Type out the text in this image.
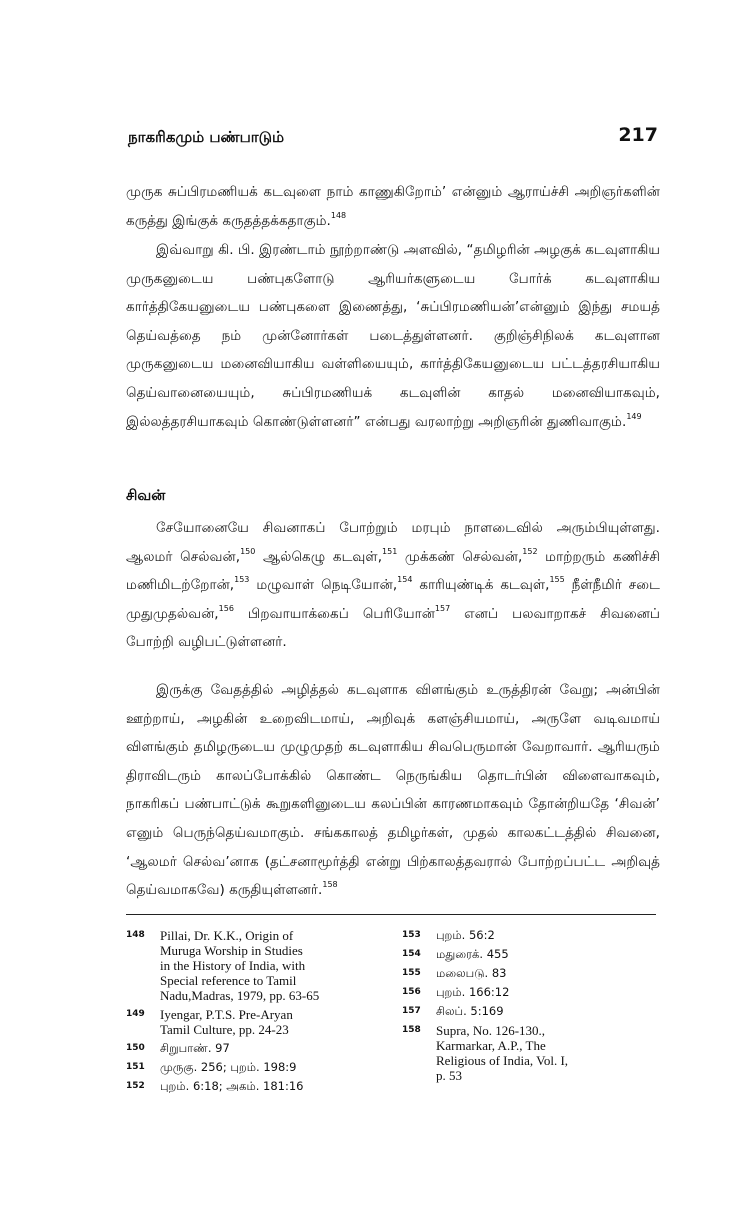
நாகரிகமும் பண்பாடும்	217

முருக சுப்பிரமணியக் கடவுளை நாம் காணுகிறோம்’ என்னும் ஆராய்ச்சி அறிஞர்களின் கருத்து இங்குக் கருதத்தக்கதாகும்.$^{148}$

இவ்வாறு கி. பி. இரண்டாம் நூற்றாண்டு அளவில், “தமிழரின் அழகுக் கடவுளாகிய முருகனுடைய பண்புகளோடு ஆரியர்களுடைய போர்க் கடவுளாகிய கார்த்திகேயனுடைய பண்புகளை இணைத்து, ‘சுப்பிரமணியன்’என்னும் இந்து சமயத் தெய்வத்தை நம் முன்னோர்கள் படைத்துள்ளனர். குறிஞ்சிநிலக் கடவுளான முருகனுடைய மனைவியாகிய வள்ளியையும், கார்த்திகேயனுடைய பட்டத்தரசியாகிய தெய்வானையையும், சுப்பிரமணியக் கடவுளின் காதல் மனைவியாகவும், இல்லத்தரசியாகவும் கொண்டுள்ளனர்” என்பது வரலாற்று அறிஞரின் துணிவாகும்.$^{149}$

சிவன்

சேயோனையே சிவனாகப் போற்றும் மரபும் நாளடைவில் அரும்பியுள்ளது. ஆலமர் செல்வன்,$^{150}$ ஆல்கெழு கடவுள்,$^{151}$ முக்கண் செல்வன்,$^{152}$ மாற்றரும் கணிச்சி மணிமிடற்றோன்,$^{153}$ மழுவாள் நெடியோன்,$^{154}$ காரியுண்டிக் கடவுள்,$^{155}$ நீள்நீமிர் சடை முதுமுதல்வன்,$^{156}$ பிறவாயாக்கைப் பெரியோன்$^{157}$ எனப் பலவாறாகச் சிவனைப் போற்றி வழிபட்டுள்ளனர்.

இருக்கு வேதத்தில் அழித்தல் கடவுளாக விளங்கும் உருத்திரன் வேறு; அன்பின் ஊற்றாய், அழகின் உறைவிடமாய், அறிவுக் களஞ்சியமாய், அருளே வடிவமாய் விளங்கும் தமிழருடைய முழுமுதற் கடவுளாகிய சிவபெருமான் வேறாவார். ஆரியரும் திராவிடரும் காலப்போக்கில் கொண்ட நெருங்கிய தொடர்பின் விளைவாகவும், நாகரிகப் பண்பாட்டுக் கூறுகளினுடைய கலப்பின் காரணமாகவும் தோன்றியதே ‘சிவன்’ எனும் பெருந்தெய்வமாகும். சங்ககாலத் தமிழர்கள், முதல் காலகட்டத்தில் சிவனை, ‘ஆலமர் செல்வ’னாக (தட்சனாமூர்த்தி என்று பிற்காலத்தவரால் போற்றப்பட்ட அறிவுத் தெய்வமாகவே) கருதியுள்ளனர்.$^{158}$

148 Pillai, Dr. K.K., Origin of
Muruga Worship in Studies
in the History of India, with
Special reference to Tamil
Nadu,Madras, 1979, pp. 63-65
149 Iyengar, P.T.S. Pre-Aryan
Tamil Culture, pp. 24-23
150 சிறுபாண். 97
151 முருகு. 256; புறம். 198:9
152 புறம். 6:18; அகம். 181:16
153 புறம். 56:2
154 மதுரைக். 455
155 மலைபடு. 83
156 புறம். 166:12
157 சிலப். 5:169
158 Supra, No. 126-130.,
Karmarkar, A.P., The
Religious of India, Vol. I,
p. 53
